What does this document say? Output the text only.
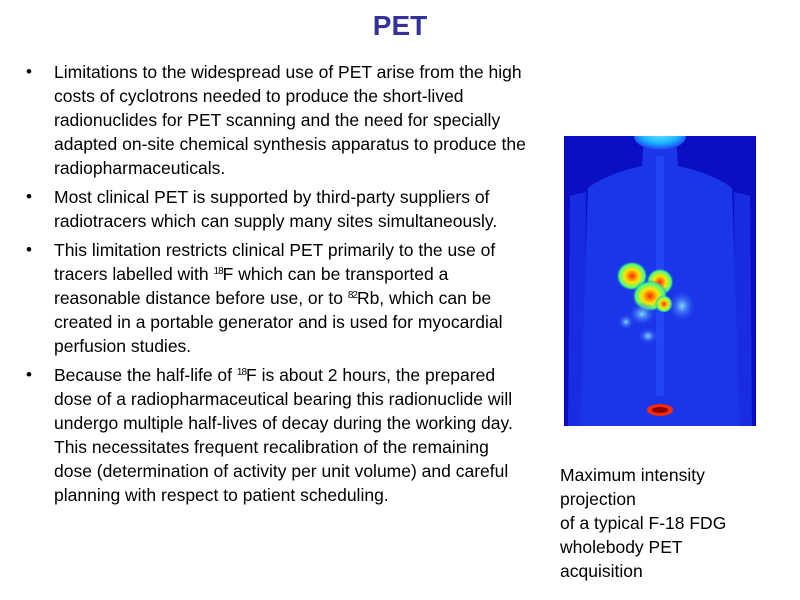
PET
• Limitations to the widespread use of PET arise from the high costs of cyclotrons needed to produce the short-lived radionuclides for PET scanning and the need for specially adapted on-site chemical synthesis apparatus to produce the radiopharmaceuticals.
• Most clinical PET is supported by third-party suppliers of radiotracers which can supply many sites simultaneously.
• This limitation restricts clinical PET primarily to the use of tracers labelled with $^{18}$F which can be transported a reasonable distance before use, or to $^{82}$Rb, which can be created in a portable generator and is used for myocardial perfusion studies.
• Because the half-life of $^{18}$F is about 2 hours, the prepared dose of a radiopharmaceutical bearing this radionuclide will undergo multiple half-lives of decay during the working day. This necessitates frequent recalibration of the remaining dose (determination of activity per unit volume) and careful planning with respect to patient scheduling.
Maximum intensity
projection
of a typical F-18 FDG
wholebody PET
acquisition
